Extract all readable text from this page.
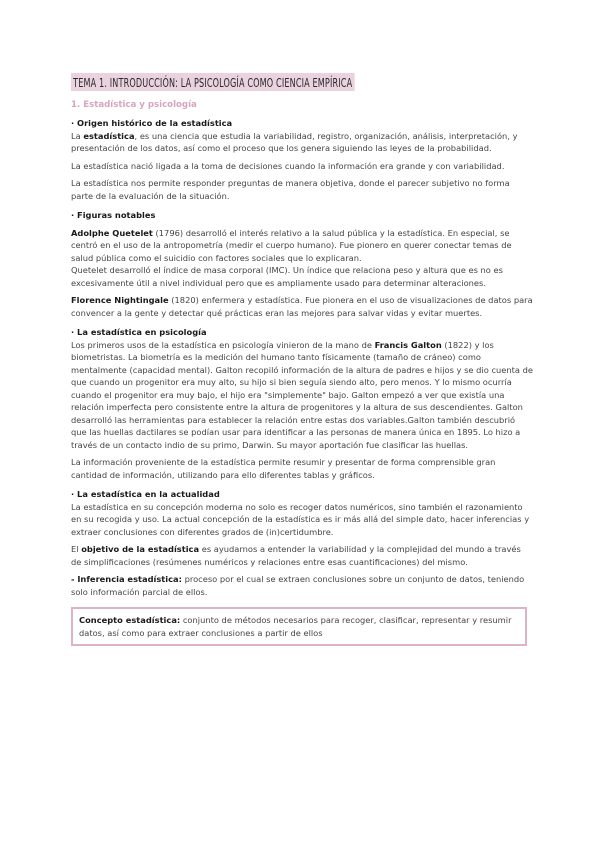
TEMA 1. INTRODUCCIÓN: LA PSICOLOGÍA COMO CIENCIA EMPÍRICA
1. Estadística y psicología
· Origen histórico de la estadística

La estadística, es una ciencia que estudia la variabilidad, registro, organización, análisis, interpretación, y presentación de los datos, así como el proceso que los genera siguiendo las leyes de la probabilidad.

La estadística nació ligada a la toma de decisiones cuando la información era grande y con variabilidad.

La estadística nos permite responder preguntas de manera objetiva, donde el parecer subjetivo no forma parte de la evaluación de la situación.

· Figuras notables

Adolphe Quetelet (1796) desarrolló el interés relativo a la salud pública y la estadística. En especial, se centró en el uso de la antropometría (medir el cuerpo humano). Fue pionero en querer conectar temas de salud pública como el suicidio con factores sociales que lo explicaran.
Quetelet desarrolló el índice de masa corporal (IMC). Un índice que relaciona peso y altura que es no es excesivamente útil a nivel individual pero que es ampliamente usado para determinar alteraciones.

Florence Nightingale (1820) enfermera y estadística. Fue pionera en el uso de visualizaciones de datos para convencer a la gente y detectar qué prácticas eran las mejores para salvar vidas y evitar muertes.

· La estadística en psicología

Los primeros usos de la estadística en psicología vinieron de la mano de Francis Galton (1822) y los biometristas. La biometría es la medición del humano tanto físicamente (tamaño de cráneo) como mentalmente (capacidad mental). Galton recopiló información de la altura de padres e hijos y se dio cuenta de que cuando un progenitor era muy alto, su hijo si bien seguía siendo alto, pero menos. Y lo mismo ocurría cuando el progenitor era muy bajo, el hijo era "simplemente" bajo. Galton empezó a ver que existía una relación imperfecta pero consistente entre la altura de progenitores y la altura de sus descendientes. Galton desarrolló las herramientas para establecer la relación entre estas dos variables.Galton también descubrió que las huellas dactilares se podían usar para identificar a las personas de manera única en 1895. Lo hizo a través de un contacto indio de su primo, Darwin. Su mayor aportación fue clasificar las huellas.

La información proveniente de la estadística permite resumir y presentar de forma comprensible gran cantidad de información, utilizando para ello diferentes tablas y gráficos.

· La estadística en la actualidad

La estadística en su concepción moderna no solo es recoger datos numéricos, sino también el razonamiento en su recogida y uso. La actual concepción de la estadística es ir más allá del simple dato, hacer inferencias y extraer conclusiones con diferentes grados de (in)certidumbre.

El objetivo de la estadística es ayudarnos a entender la variabilidad y la complejidad del mundo a través de simplificaciones (resúmenes numéricos y relaciones entre esas cuantificaciones) del mismo.

- Inferencia estadística: proceso por el cual se extraen conclusiones sobre un conjunto de datos, teniendo solo información parcial de ellos.

Concepto estadística: conjunto de métodos necesarios para recoger, clasificar, representar y resumir datos, así como para extraer conclusiones a partir de ellos
